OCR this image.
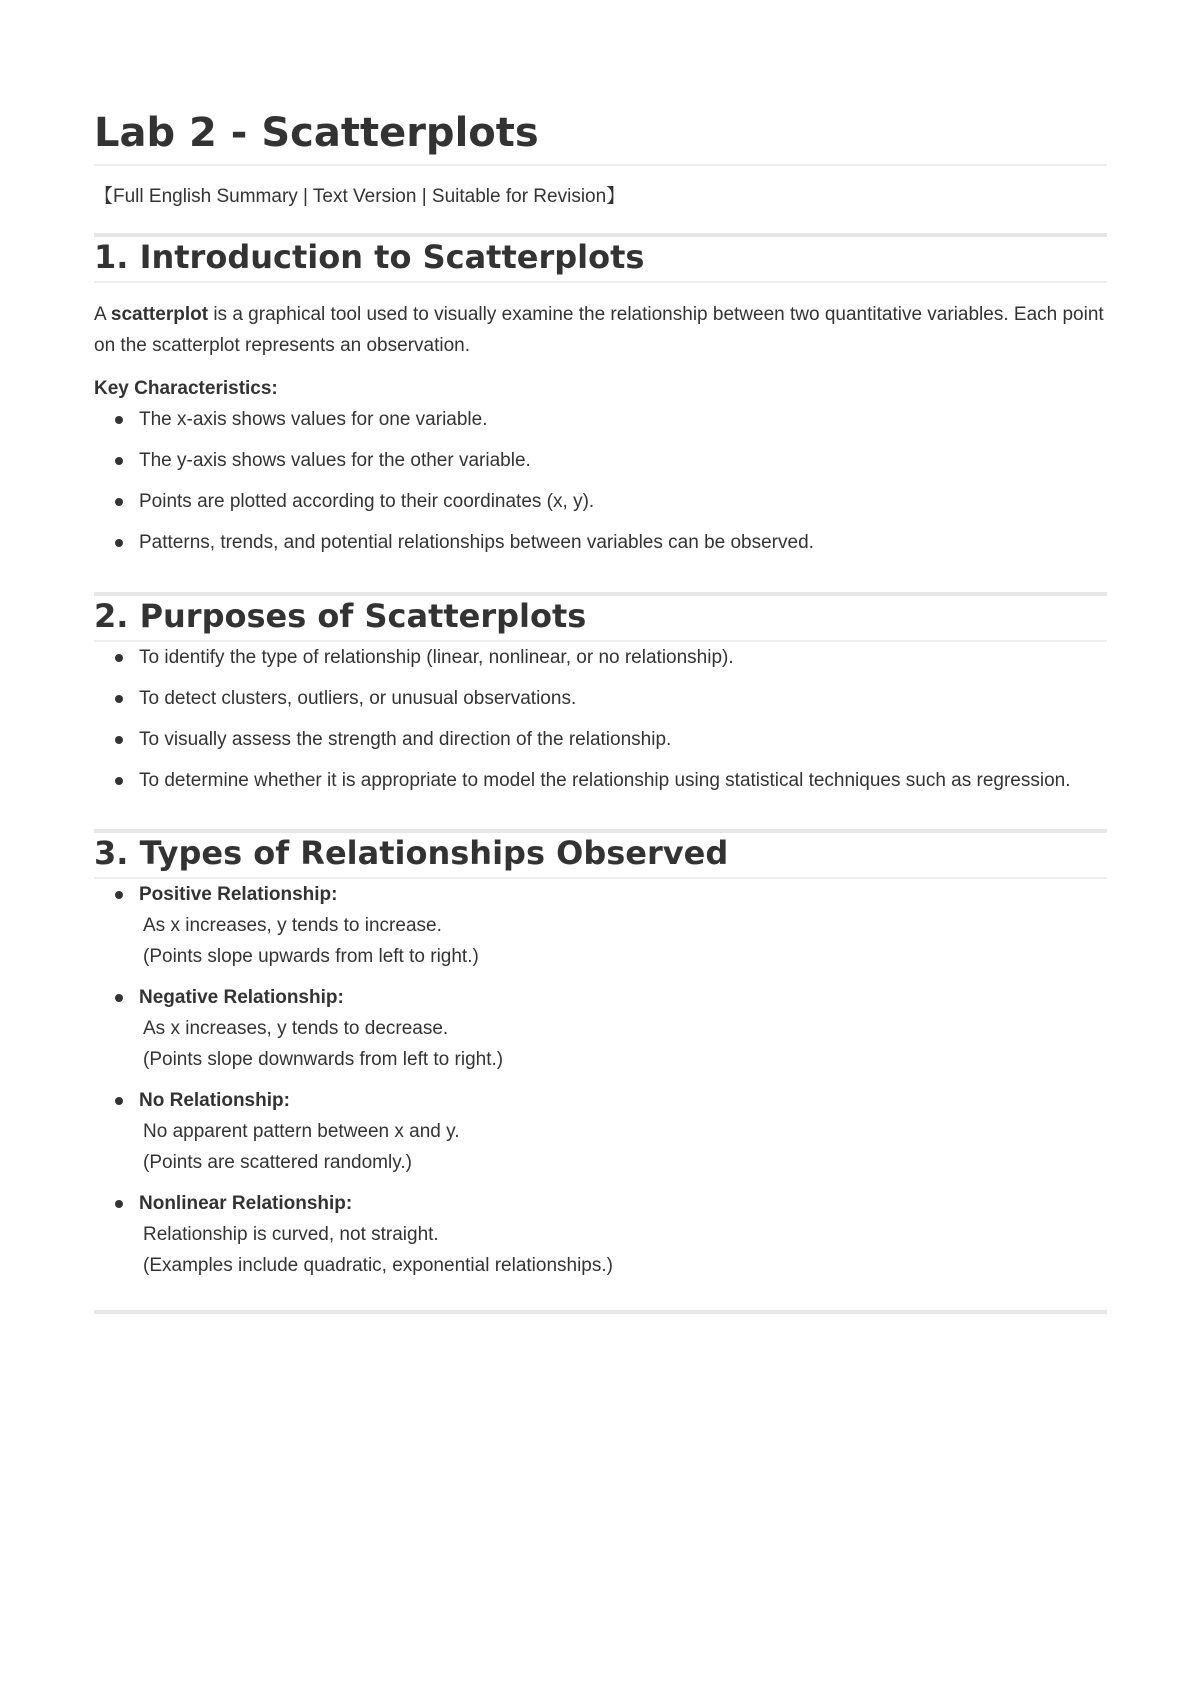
Lab 2 - Scatterplots
【Full English Summary | Text Version | Suitable for Revision】
1. Introduction to Scatterplots

A scatterplot is a graphical tool used to visually examine the relationship between two quantitative variables. Each point on the scatterplot represents an observation.

Key Characteristics:

The x-axis shows values for one variable.
The y-axis shows values for the other variable.
Points are plotted according to their coordinates (x, y).
Patterns, trends, and potential relationships between variables can be observed.
2. Purposes of Scatterplots
To identify the type of relationship (linear, nonlinear, or no relationship).
To detect clusters, outliers, or unusual observations.
To visually assess the strength and direction of the relationship.
To determine whether it is appropriate to model the relationship using statistical techniques such as regression.
3. Types of Relationships Observed
Positive Relationship:
As x increases, y tends to increase.
(Points slope upwards from left to right.)
Negative Relationship:
As x increases, y tends to decrease.
(Points slope downwards from left to right.)
No Relationship:
No apparent pattern between x and y.
(Points are scattered randomly.)
Nonlinear Relationship:
Relationship is curved, not straight.
(Examples include quadratic, exponential relationships.)
